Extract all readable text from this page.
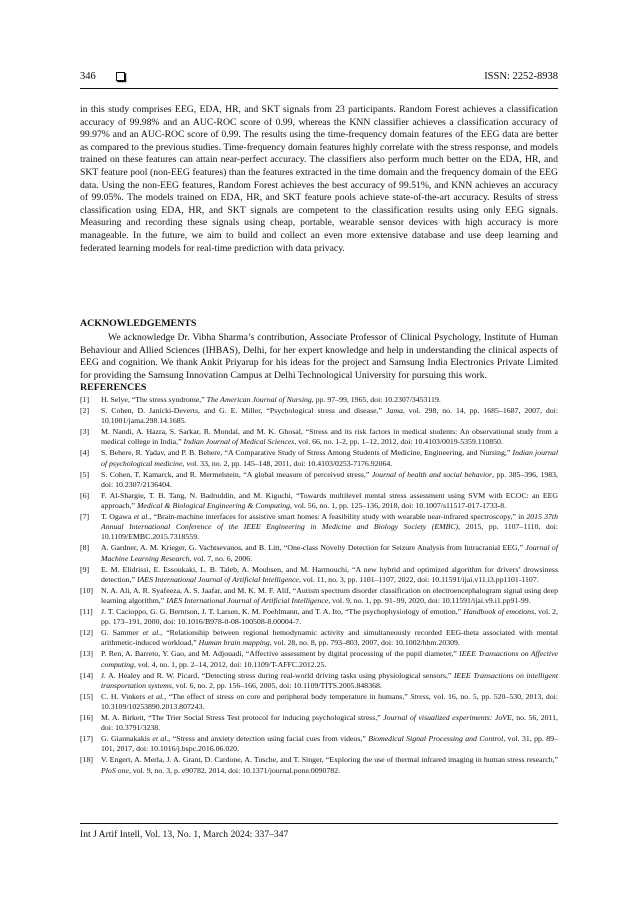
346	ISSN: 2252-8938

in this study comprises EEG, EDA, HR, and SKT signals from 23 participants. Random Forest achieves a classification accuracy of 99.98% and an AUC-ROC score of 0.99, whereas the KNN classifier achieves a classification accuracy of 99.97% and an AUC-ROC score of 0.99. The results using the time-frequency domain features of the EEG data are better as compared to the previous studies. Time-frequency domain features highly correlate with the stress response, and models trained on these features can attain near-perfect accuracy. The classifiers also perform much better on the EDA, HR, and SKT feature pool (non-EEG features) than the features extracted in the time domain and the frequency domain of the EEG data. Using the non-EEG features, Random Forest achieves the best accuracy of 99.51%, and KNN achieves an accuracy of 99.05%. The models trained on EDA, HR, and SKT feature pools achieve state-of-the-art accuracy. Results of stress classification using EDA, HR, and SKT signals are competent to the classification results using only EEG signals. Measuring and recording these signals using cheap, portable, wearable sensor devices with high accuracy is more manageable. In the future, we aim to build and collect an even more extensive database and use deep learning and federated learning models for real-time prediction with data privacy.

ACKNOWLEDGEMENTS

We acknowledge Dr. Vibha Sharma’s contribution, Associate Professor of Clinical Psychology, Institute of Human Behaviour and Allied Sciences (IHBAS), Delhi, for her expert knowledge and help in understanding the clinical aspects of EEG and cognition. We thank Ankit Priyarup for his ideas for the project and Samsung India Electronics Private Limited for providing the Samsung Innovation Campus at Delhi Technological University for pursuing this work.

REFERENCES
[1] H. Selye, “The stress syndrome,” The American Journal of Nursing, pp. 97–99, 1965, doi: 10.2307/3453119.
[2] S. Cohen, D. Janicki-Deverts, and G. E. Miller, “Psychological stress and disease,” Jama, vol. 298, no. 14, pp. 1685–1687, 2007, doi: 10.1001/jama.298.14.1685.
[3] M. Nandi, A. Hazra, S. Sarkar, R. Mondal, and M. K. Ghosal, “Stress and its risk factors in medical students: An observational study from a medical college in India,” Indian Journal of Medical Sciences, vol. 66, no. 1-2, pp. 1–12, 2012, doi: 10.4103/0019-5359.110850.
[4] S. Behere, R. Yadav, and P. B. Behere, “A Comparative Study of Stress Among Students of Medicine, Engineering, and Nursing,” Indian journal of psychological medicine, vol. 33, no. 2, pp. 145–148, 2011, doi: 10.4103/0253-7176.92064.
[5] S. Cohen, T. Kamarck, and R. Mermelstein, “A global measure of perceived stress,” Journal of health and social behavior, pp. 385–396, 1983, doi: 10.2307/2136404.
[6] F. Al-Shargie, T. B. Tang, N. Badruddin, and M. Kiguchi, “Towards multilevel mental stress assessment using SVM with ECOC: an EEG approach,” Medical & Biological Engineering & Computing, vol. 56, no. 1, pp. 125–136, 2018, doi: 10.1007/s11517-017-1733-8.
[7] T. Ogawa et al., “Brain-machine interfaces for assistive smart homes: A feasibility study with wearable near-infrared spectroscopy,” in 2015 37th Annual International Conference of the IEEE Engineering in Medicine and Biology Society (EMBC), 2015, pp. 1107–1110, doi: 10.1109/EMBC.2015.7318559.
[8] A. Gardner, A. M. Krieger, G. Vachtsevanos, and B. Litt, “One-class Novelty Detection for Seizure Analysis from Intracranial EEG,” Journal of Machine Learning Research, vol. 7, no. 6, 2006.
[9] E. M. Elidrissi, E. Essoukaki, L. B. Taleb, A. Mouhsen, and M. Harmouchi, “A new hybrid and optimized algorithm for drivers’ drowsiness detection,” IAES International Journal of Artificial Intelligence, vol. 11, no. 3, pp. 1101–1107, 2022, doi: 10.11591/ijai.v11.i3.pp1101-1107.
[10] N. A. Ali, A. R. Syafeeza, A. S. Jaafar, and M. K. M. F. Alif, “Autism spectrum disorder classification on electroencephalogram signal using deep learning algorithm,” IAES International Journal of Artificial Intelligence, vol. 9, no. 1, pp. 91–99, 2020, doi: 10.11591/ijai.v9.i1.pp91-99.
[11] J. T. Cacioppo, G. G. Berntson, J. T. Larsen, K. M. Poehlmann, and T. A. Ito, “The psychophysiology of emotion,” Handbook of emotions, vol. 2, pp. 173–191, 2000, doi: 10.1016/B978-0-08-100508-8.00004-7.
[12] G. Sammer et al., “Relationship between regional hemodynamic activity and simultaneously recorded EEG-theta associated with mental arithmetic-induced workload,” Human brain mapping, vol. 28, no. 8, pp. 793–803, 2007, doi: 10.1002/hbm.20309.
[13] P. Ren, A. Barreto, Y. Gao, and M. Adjouadi, “Affective assessment by digital processing of the pupil diameter,” IEEE Transactions on Affective computing, vol. 4, no. 1, pp. 2–14, 2012, doi: 10.1109/T-AFFC.2012.25.
[14] J. A. Healey and R. W. Picard, “Detecting stress during real-world driving tasks using physiological sensors,” IEEE Transactions on intelligent transportation systems, vol. 6, no. 2, pp. 156–166, 2005, doi: 10.1109/TITS.2005.848368.
[15] C. H. Vinkers et al., “The effect of stress on core and peripheral body temperature in humans,” Stress, vol. 16, no. 5, pp. 520–530, 2013, doi: 10.3109/10253890.2013.807243.
[16] M. A. Birkett, “The Trier Social Stress Test protocol for inducing psychological stress,” Journal of visualized experiments: JoVE, no. 56, 2011, doi: 10.3791/3238.
[17] G. Giannakakis et al., “Stress and anxiety detection using facial cues from videos,” Biomedical Signal Processing and Control, vol. 31, pp. 89–101, 2017, doi: 10.1016/j.bspc.2016.06.020.
[18] V. Engert, A. Merla, J. A. Grant, D. Cardone, A. Tusche, and T. Singer, “Exploring the use of thermal infrared imaging in human stress research,” PloS one, vol. 9, no. 3, p. e90782, 2014, doi: 10.1371/journal.pone.0090782.
Int J Artif Intell, Vol. 13, No. 1, March 2024: 337–347
